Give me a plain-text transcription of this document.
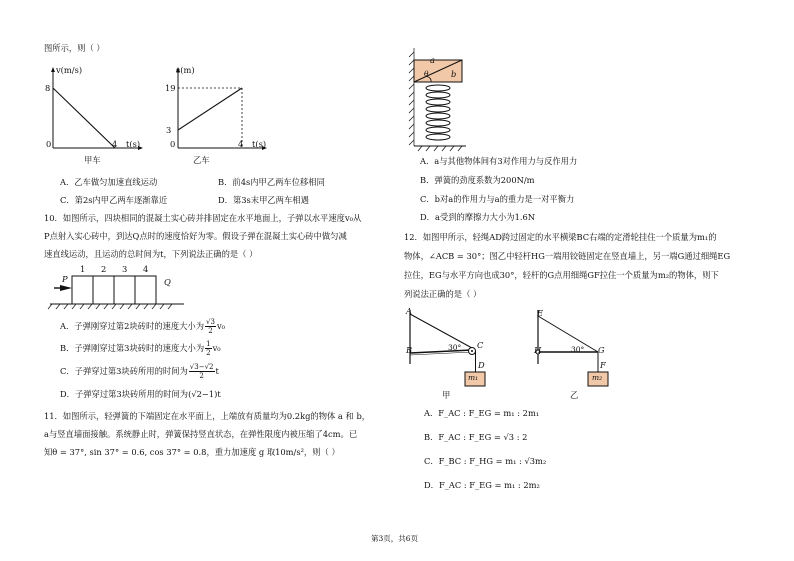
图所示，则（ ）
v(m/s)
8
0	4 t(s)
甲车
s(m)
19
3
0	4 t(s)
乙车
A．乙车做匀加速直线运动	B．前4s内甲乙两车位移相同
C．第2s内甲乙两车逐渐靠近	D．第3s末甲乙两车相遇
10．如图所示，四块相同的混凝土实心砖并排固定在水平地面上，子弹以水平速度v₀从
P点射入实心砖中，到达Q点时的速度恰好为零。假设子弹在混凝土实心砖中做匀减
速直线运动，且运动的总时间为t，下列说法正确的是（ ）
P	Q
1 2 3 4
A．子弹刚穿过第2块砖时的速度大小为 $\frac{√3}{2} v_0$
B．子弹刚穿过第3块砖时的速度大小为 $\frac{1}{2} v_0$
C．子弹穿过第3块砖所用的时间为 $\frac{√3-√2}{2}$ t
D．子弹穿过第3块砖所用的时间为(√2−1)t
11．如图所示，轻弹簧的下端固定在水平面上，上端放有质量均为0.2kg的物体 a 和 b，
a与竖直墙面接触。系统静止时，弹簧保持竖直状态，在弹性限度内被压缩了4cm。已
知θ = 37°, sin 37° = 0.6, cos 37° = 0.8，重力加速度 g 取10m/s²，则（ ）
a
b
θ
A．a与其他物体间有3对作用力与反作用力
B．弹簧的劲度系数为200N/m
C．b对a的作用力与a的重力是一对平衡力
D．a受到的摩擦力大小为1.6N
12．如图甲所示，轻绳AD跨过固定的水平横梁BC右端的定滑轮挂住一个质量为m₁的
物体，∠ACB = 30°；图乙中轻杆HG一端用铰链固定在竖直墙上，另一端G通过细绳EG
拉住，EG与水平方向也成30°，轻杆的G点用细绳GF拉住一个质量为m₂的物体，则下
列说法正确的是（ ）
A
B	C
D
30°
m₁
甲
E
H	G
F
30°
m₂
乙
A．F_AC : F_EG = m₁ : 2m₁
B．F_AC : F_EG = √3 : 2
C．F_BC : F_HG = m₁ : √3m₂
D．F_AC : F_EG = m₁ : 2m₂
第3页，共6页
